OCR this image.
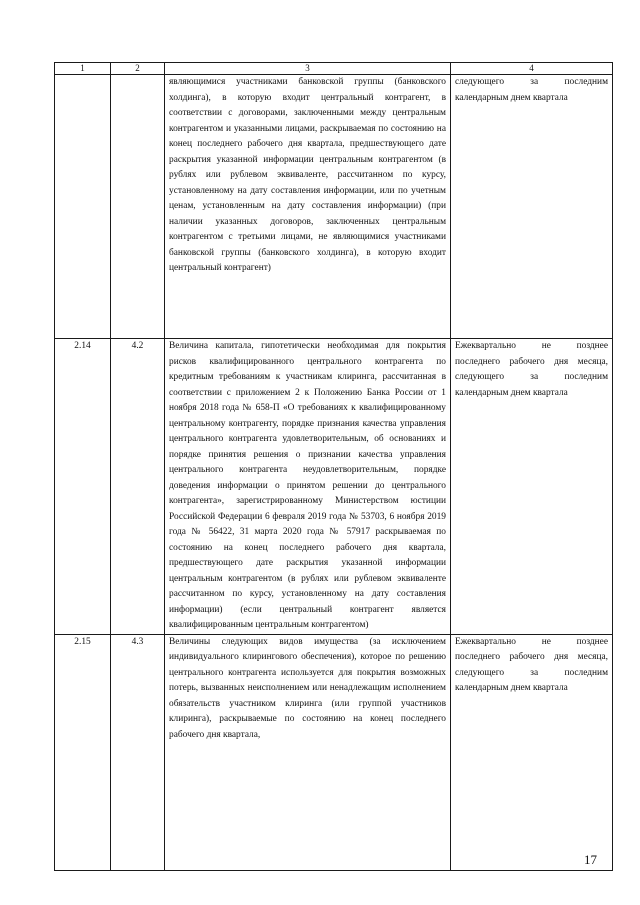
1	2	3	4
		являющимися участниками банковской группы (банковского холдинга), в которую входит центральный контрагент, в соответствии с договорами, заключенными между центральным контрагентом и указанными лицами, раскрываемая по состоянию на конец последнего рабочего дня квартала, предшествующего дате раскрытия указанной информации центральным контрагентом (в рублях или рублевом эквиваленте, рассчитанном по курсу, установленному на дату составления информации, или по учетным ценам, установленным на дату составления информации) (при наличии указанных договоров, заключенных центральным контрагентом с третьими лицами, не являющимися участниками банковской группы (банковского холдинга), в которую входит центральный контрагент)	следующего за последним календарным днем квартала
2.14	4.2	Величина капитала, гипотетически необходимая для покрытия рисков квалифицированного центрального контрагента по кредитным требованиям к участникам клиринга, рассчитанная в соответствии с приложением 2 к Положению Банка России от 1 ноября 2018 года № 658-П «О требованиях к квалифицированному центральному контрагенту, порядке признания качества управления центрального контрагента удовлетворительным, об основаниях и порядке принятия решения о признании качества управления центрального контрагента неудовлетворительным, порядке доведения информации о принятом решении до центрального контрагента», зарегистрированному Министерством юстиции Российской Федерации 6 февраля 2019 года № 53703, 6 ноября 2019 года № 56422, 31 марта 2020 года № 57917 раскрываемая по состоянию на конец последнего рабочего дня квартала, предшествующего дате раскрытия указанной информации центральным контрагентом (в рублях или рублевом эквиваленте рассчитанном по курсу, установленному на дату составления информации) (если центральный контрагент является квалифицированным центральным контрагентом)	Ежеквартально не позднее последнего рабочего дня месяца, следующего за последним календарным днем квартала
2.15	4.3	Величины следующих видов имущества (за исключением индивидуального клирингового обеспечения), которое по решению центрального контрагента используется для покрытия возможных потерь, вызванных неисполнением или ненадлежащим исполнением обязательств участником клиринга (или группой участников клиринга), раскрываемые по состоянию на конец последнего рабочего дня квартала,	Ежеквартально не позднее последнего рабочего дня месяца, следующего за последним календарным днем квартала
17
